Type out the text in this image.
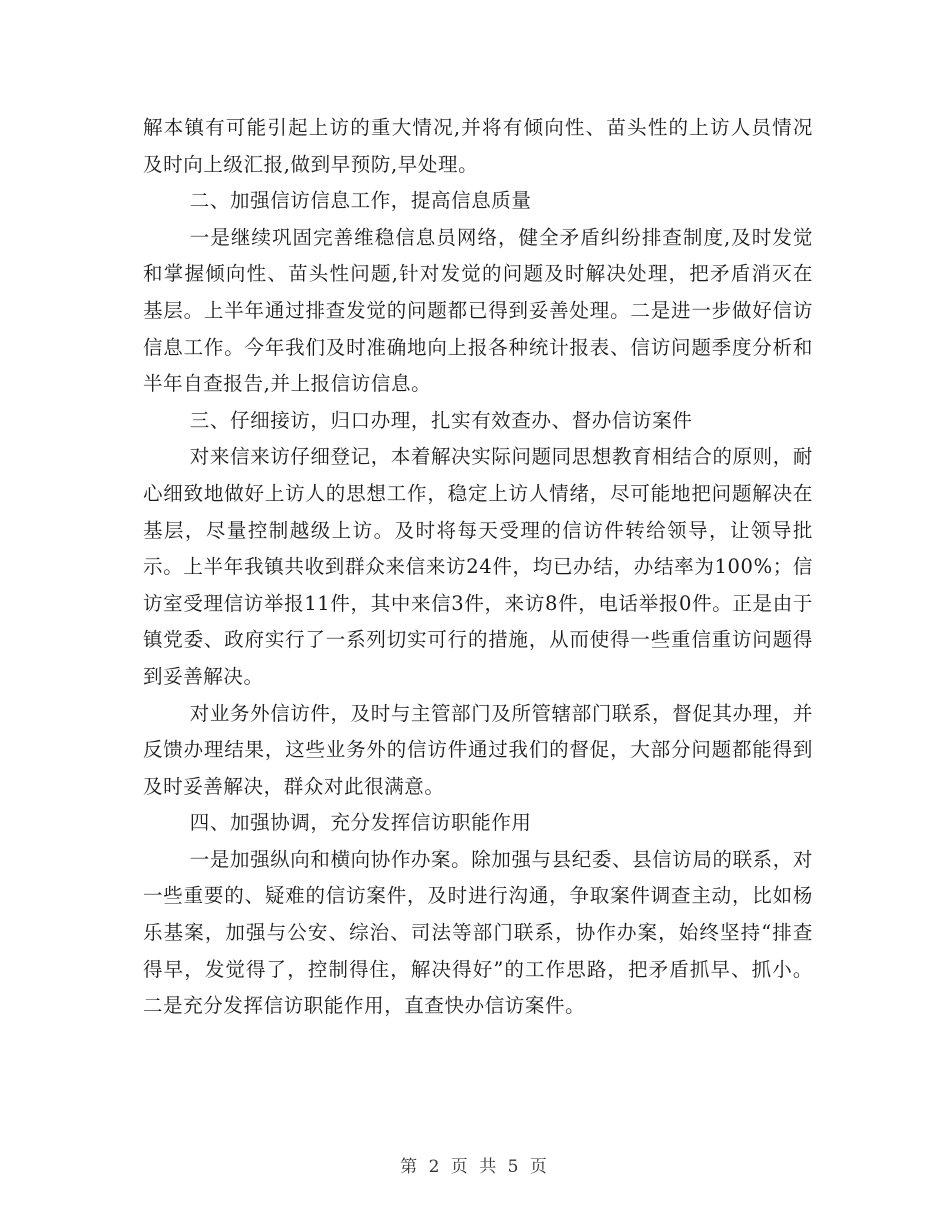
解本镇有可能引起上访的重大情况,并将有倾向性、苗头性的上访人员情况及时向上级汇报,做到早预防,早处理。

二、加强信访信息工作，提高信息质量

一是继续巩固完善维稳信息员网络，健全矛盾纠纷排查制度,及时发觉和掌握倾向性、苗头性问题,针对发觉的问题及时解决处理，把矛盾消灭在基层。上半年通过排查发觉的问题都已得到妥善处理。二是进一步做好信访信息工作。今年我们及时准确地向上报各种统计报表、信访问题季度分析和半年自查报告,并上报信访信息。

三、仔细接访，归口办理，扎实有效查办、督办信访案件

对来信来访仔细登记，本着解决实际问题同思想教育相结合的原则，耐心细致地做好上访人的思想工作，稳定上访人情绪，尽可能地把问题解决在基层，尽量控制越级上访。及时将每天受理的信访件转给领导，让领导批示。上半年我镇共收到群众来信来访24件，均已办结，办结率为100%；信访室受理信访举报11件，其中来信3件，来访8件，电话举报0件。正是由于镇党委、政府实行了一系列切实可行的措施，从而使得一些重信重访问题得到妥善解决。

对业务外信访件，及时与主管部门及所管辖部门联系，督促其办理，并反馈办理结果，这些业务外的信访件通过我们的督促，大部分问题都能得到及时妥善解决，群众对此很满意。

四、加强协调，充分发挥信访职能作用

一是加强纵向和横向协作办案。除加强与县纪委、县信访局的联系，对一些重要的、疑难的信访案件，及时进行沟通，争取案件调查主动，比如杨乐基案，加强与公安、综治、司法等部门联系，协作办案，始终坚持“排查得早，发觉得了，控制得住，解决得好”的工作思路，把矛盾抓早、抓小。二是充分发挥信访职能作用，直查快办信访案件。

第 2 页 共 5 页
